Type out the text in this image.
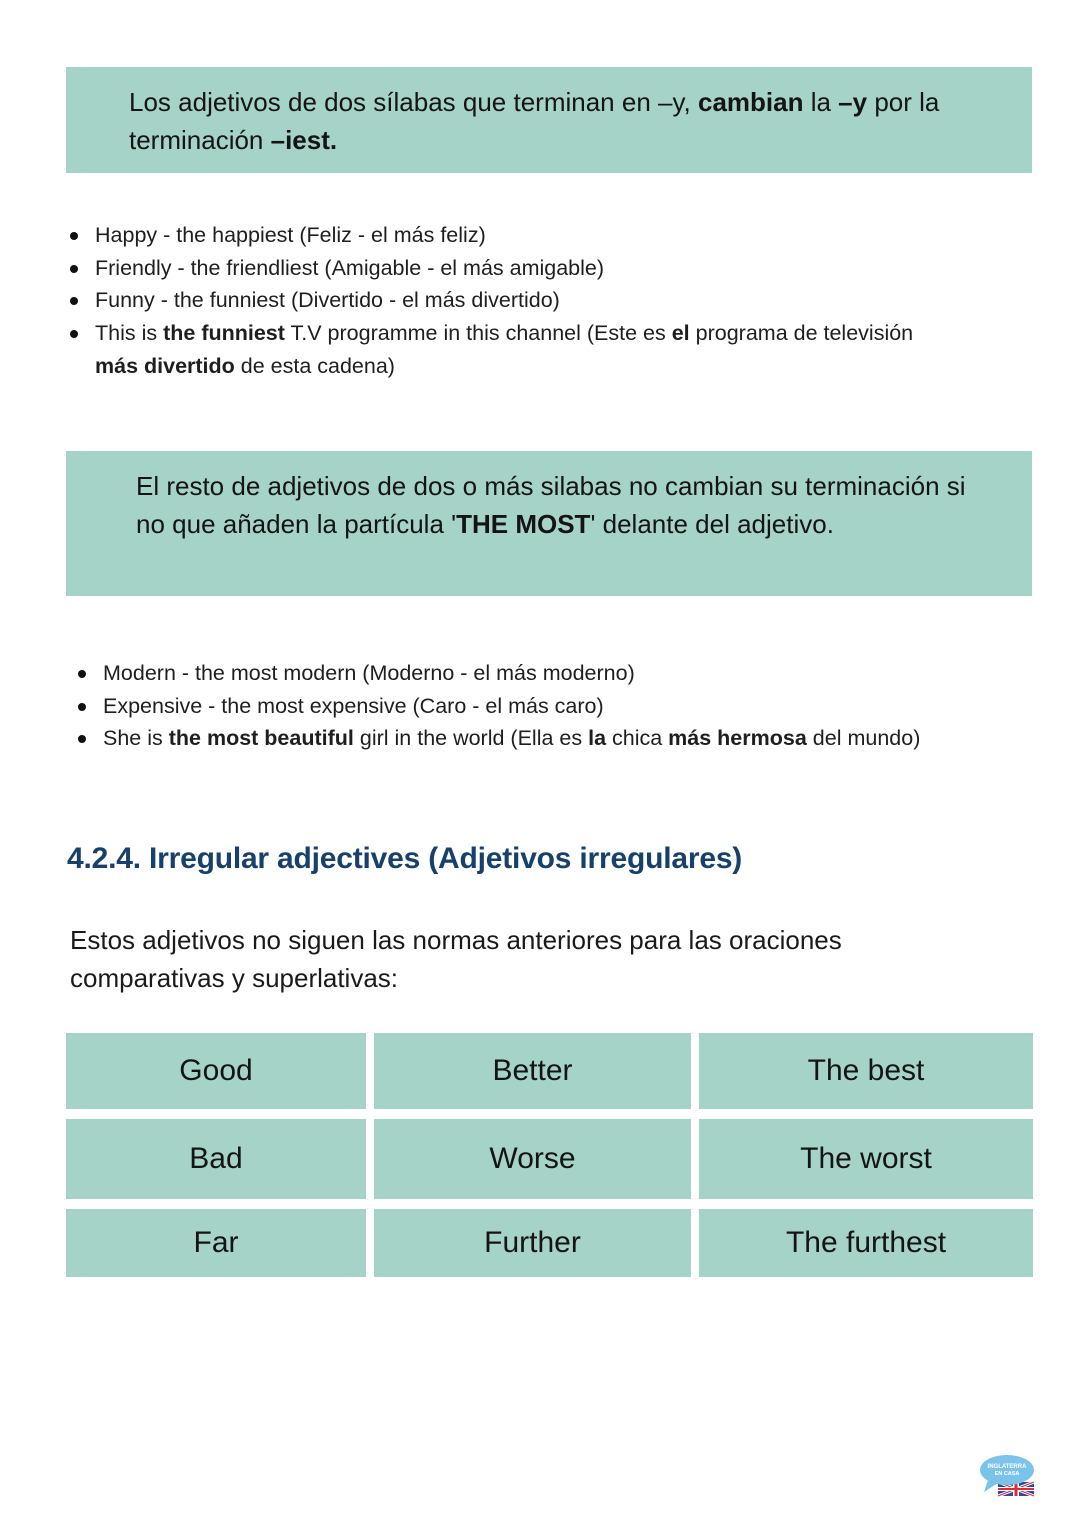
Los adjetivos de dos sílabas que terminan en –y, cambian la –y por la terminación –iest.

Happy - the happiest (Feliz - el más feliz)
Friendly - the friendliest (Amigable - el más amigable)
Funny - the funniest (Divertido - el más divertido)
This is the funniest T.V programme in this channel (Este es el programa de televisión más divertido de esta cadena)

El resto de adjetivos de dos o más silabas no cambian su terminación si no que añaden la partícula 'THE MOST' delante del adjetivo.

Modern - the most modern (Moderno - el más moderno)
Expensive - the most expensive (Caro - el más caro)
She is the most beautiful girl in the world (Ella es la chica más hermosa del mundo)
4.2.4. Irregular adjectives (Adjetivos irregulares)

Estos adjetivos no siguen las normas anteriores para las oraciones comparativas y superlativas:

Good	Better	The best
Bad	Worse	The worst
Far	Further	The furthest
INGLATERRA
EN CASA
